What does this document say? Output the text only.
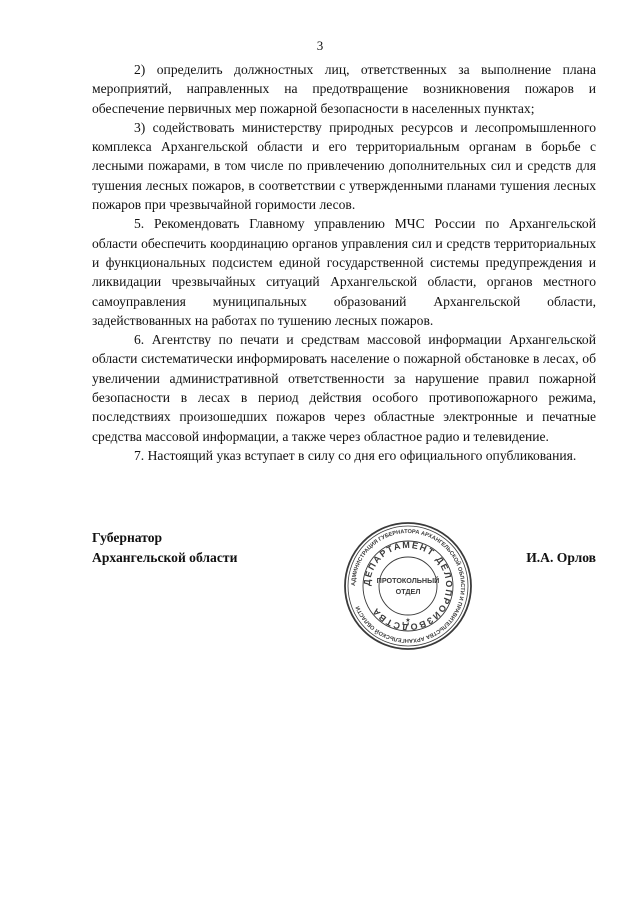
3

2) определить должностных лиц, ответственных за выполнение плана мероприятий, направленных на предотвращение возникновения пожаров и обеспечение первичных мер пожарной безопасности в населенных пунктах;

3) содействовать министерству природных ресурсов и лесопромышленного комплекса Архангельской области и его территориальным органам в борьбе с лесными пожарами, в том числе по привлечению дополнительных сил и средств для тушения лесных пожаров, в соответствии с утвержденными планами тушения лесных пожаров при чрезвычайной горимости лесов.

5. Рекомендовать Главному управлению МЧС России по Архангельской области обеспечить координацию органов управления сил и средств территориальных и функциональных подсистем единой государственной системы предупреждения и ликвидации чрезвычайных ситуаций Архангельской области, органов местного самоуправления муниципальных образований Архангельской области, задействованных на работах по тушению лесных пожаров.

6. Агентству по печати и средствам массовой информации Архангельской области систематически информировать население о пожарной обстановке в лесах, об увеличении административной ответственности за нарушение правил пожарной безопасности в лесах в период действия особого противопожарного режима, последствиях произошедших пожаров через областные электронные и печатные средства массовой информации, а также через областное радио и телевидение.

7. Настоящий указ вступает в силу со дня его официального опубликования.

Губернатор
Архангельской области
АДМИНИСТРАЦИЯ ГУБЕРНАТОРА АРХАНГЕЛЬСКОЙ ОБЛАСТИ И ПРАВИТЕЛЬСТВА АРХАНГЕЛЬСКОЙ ОБЛАСТИ
ДЕПАРТАМЕНТ ДЕЛОПРОИЗВОДСТВА
ПРОТОКОЛЬНЫЙ
ОТДЕЛ
★
И.А. Орлов
